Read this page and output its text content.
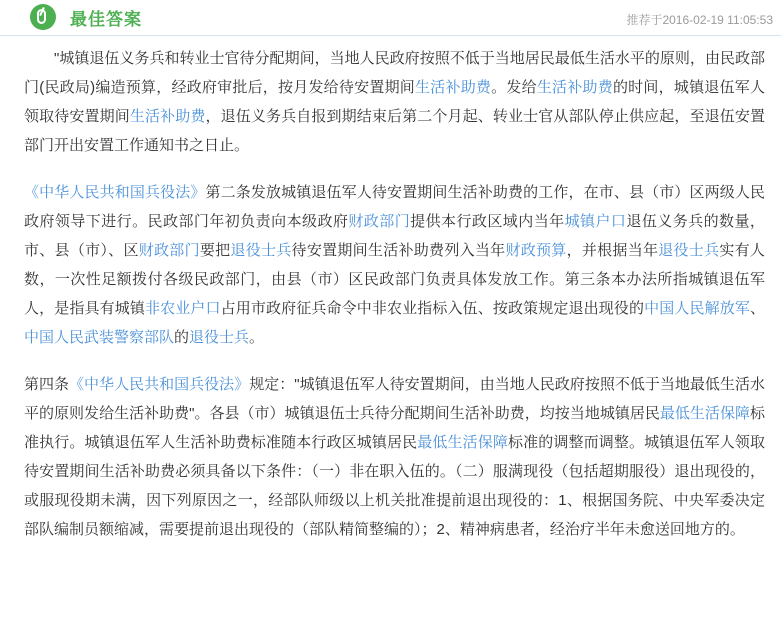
最佳答案	推荐于2016-02-19 11:05:53

　　"城镇退伍义务兵和转业士官待分配期间，当地人民政府按照不低于当地居民最低生活水平的原则，由民政部门(民政局)编造预算，经政府审批后，按月发给待安置期间生活补助费。发给生活补助费的时间，城镇退伍军人领取待安置期间生活补助费，退伍义务兵自报到期结束后第二个月起、转业士官从部队停止供应起，至退伍安置部门开出安置工作通知书之日止。

《中华人民共和国兵役法》第二条发放城镇退伍军人待安置期间生活补助费的工作，在市、县（市）区两级人民政府领导下进行。民政部门年初负责向本级政府财政部门提供本行政区域内当年城镇户口退伍义务兵的数量，市、县（市）、区财政部门要把退役士兵待安置期间生活补助费列入当年财政预算，并根据当年退役士兵实有人数，一次性足额拨付各级民政部门，由县（市）区民政部门负责具体发放工作。第三条本办法所指城镇退伍军人，是指具有城镇非农业户口占用市政府征兵命令中非农业指标入伍、按政策规定退出现役的中国人民解放军、中国人民武装警察部队的退役士兵。

第四条《中华人民共和国兵役法》规定："城镇退伍军人待安置期间，由当地人民政府按照不低于当地最低生活水平的原则发给生活补助费"。各县（市）城镇退伍士兵待分配期间生活补助费，均按当地城镇居民最低生活保障标准执行。城镇退伍军人生活补助费标准随本行政区城镇居民最低生活保障标准的调整而调整。城镇退伍军人领取待安置期间生活补助费必须具备以下条件：（一）非在职入伍的。（二）服满现役（包括超期服役）退出现役的，或服现役期未满，因下列原因之一，经部队师级以上机关批准提前退出现役的：1、根据国务院、中央军委决定部队编制员额缩减，需要提前退出现役的（部队精简整编的）；2、精神病患者，经治疗半年未愈送回地方的。
